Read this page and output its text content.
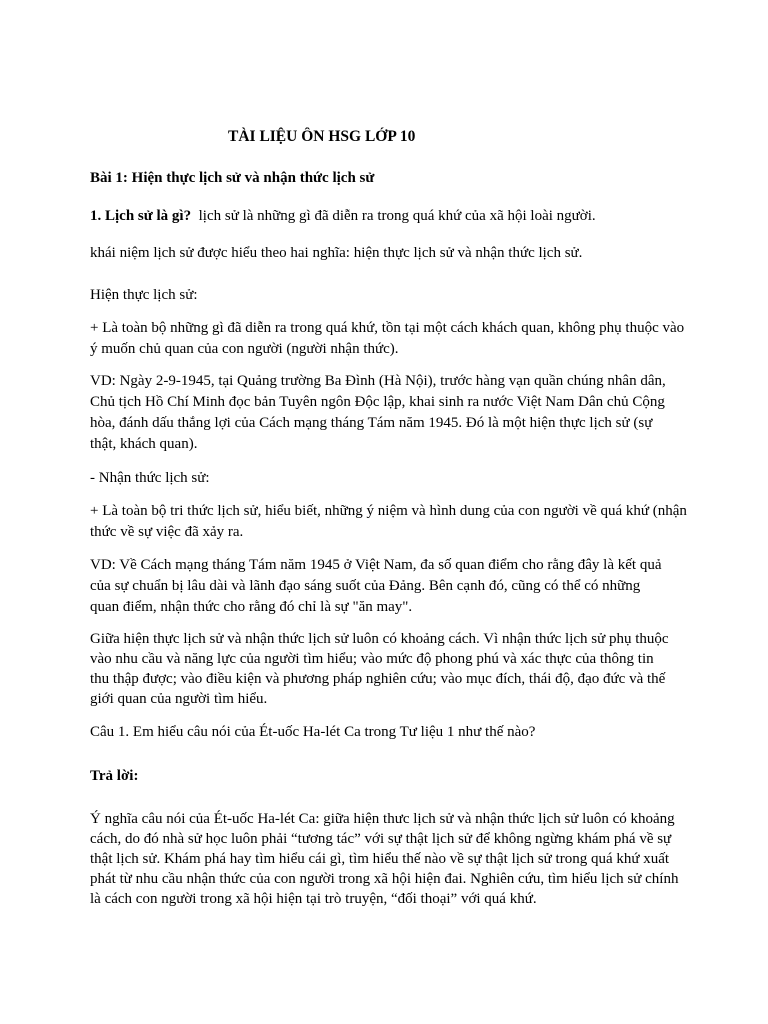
TÀI LIỆU ÔN HSG LỚP 10
Bài 1: Hiện thực lịch sử và nhận thức lịch sử
1. Lịch sử là gì? lịch sử là những gì đã diễn ra trong quá khứ của xã hội loài người.
khái niệm lịch sử được hiểu theo hai nghĩa: hiện thực lịch sử và nhận thức lịch sử.
Hiện thực lịch sử:
+ Là toàn bộ những gì đã diễn ra trong quá khứ, tồn tại một cách khách quan, không phụ thuộc vào ý muốn chủ quan của con người (người nhận thức).
VD: Ngày 2-9-1945, tại Quảng trường Ba Đình (Hà Nội), trước hàng vạn quần chúng nhân dân, Chủ tịch Hồ Chí Minh đọc bản Tuyên ngôn Độc lập, khai sinh ra nước Việt Nam Dân chủ Cộng hòa, đánh dấu thắng lợi của Cách mạng tháng Tám năm 1945. Đó là một hiện thực lịch sử (sự thật, khách quan).
- Nhận thức lịch sử:
+ Là toàn bộ tri thức lịch sử, hiểu biết, những ý niệm và hình dung của con người về quá khứ (nhận thức về sự việc đã xảy ra.
VD: Về Cách mạng tháng Tám năm 1945 ở Việt Nam, đa số quan điểm cho rằng đây là kết quả của sự chuẩn bị lâu dài và lãnh đạo sáng suốt của Đảng. Bên cạnh đó, cũng có thể có những quan điểm, nhận thức cho rằng đó chỉ là sự "ăn may".
Giữa hiện thực lịch sử và nhận thức lịch sử luôn có khoảng cách. Vì nhận thức lịch sử phụ thuộc vào nhu cầu và năng lực của người tìm hiểu; vào mức độ phong phú và xác thực của thông tin thu thập được; vào điều kiện và phương pháp nghiên cứu; vào mục đích, thái độ, đạo đức và thế giới quan của người tìm hiểu.
Câu 1. Em hiểu câu nói của Ét-uốc Ha-lét Ca trong Tư liệu 1 như thế nào?
Trả lời:
Ý nghĩa câu nói của Ét-uốc Ha-lét Ca: giữa hiện thưc lịch sử và nhận thức lịch sử luôn có khoảng cách, do đó nhà sử học luôn phải “tương tác” với sự thật lịch sử để không ngừng khám phá về sự thật lịch sử. Khám phá hay tìm hiểu cái gì, tìm hiểu thế nào về sự thật lịch sử trong quá khứ xuất phát từ nhu cầu nhận thức của con người trong xã hội hiện đai. Nghiên cứu, tìm hiểu lịch sử chính là cách con người trong xã hội hiện tại trò truyện, “đối thoại” với quá khứ.
